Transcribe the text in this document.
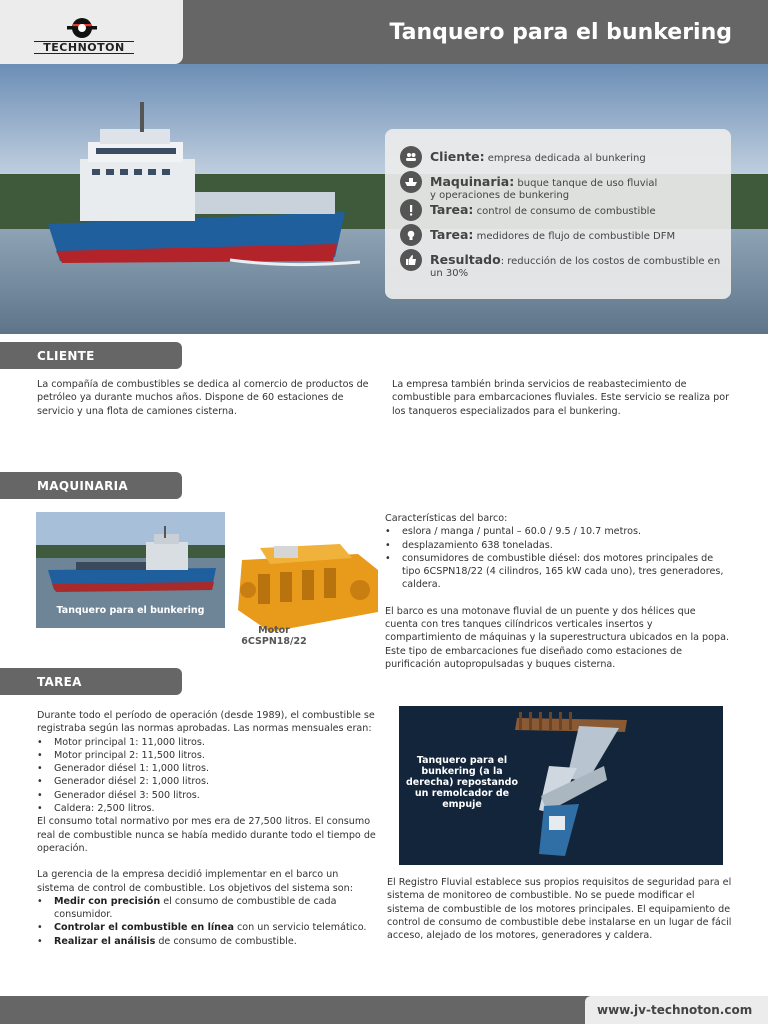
TECHNOTON
Tanquero para el bunkering
Cliente: empresa dedicada al bunkering
Maquinaria: buque tanque de uso fluvial y operaciones de bunkering
Tarea: control de consumo de combustible
Tarea: medidores de flujo de combustible DFM
Resultado: reducción de los costos de combustible en un 30%
CLIENTE
La compañía de combustibles se dedica al comercio de productos de petróleo ya durante muchos años. Dispone de 60 estaciones de servicio y una flota de camiones cisterna.
La empresa también brinda servicios de reabastecimiento de combustible para embarcaciones fluviales. Este servicio se realiza por los tanqueros especializados para el bunkering.
MAQUINARIA
Tanquero para el bunkering
Motor
6CSPN18/22
Características del barco:
• eslora / manga / puntal – 60.0 / 9.5 / 10.7 metros.
• desplazamiento 638 toneladas.
• consumidores de combustible diésel: dos motores principales de tipo 6CSPN18/22 (4 cilindros, 165 kW cada uno), tres generadores, caldera.
El barco es una motonave fluvial de un puente y dos hélices que cuenta con tres tanques cilíndricos verticales insertos y compartimiento de máquinas y la superestructura ubicados en la popa. Este tipo de embarcaciones fue diseñado como estaciones de purificación autopropulsadas y buques cisterna.
TAREA
Durante todo el período de operación (desde 1989), el combustible se registraba según las normas aprobadas. Las normas mensuales eran:
• Motor principal 1: 11,000 litros.
• Motor principal 2: 11,500 litros.
• Generador diésel 1: 1,000 litros.
• Generador diésel 2: 1,000 litros.
• Generador diésel 3: 500 litros.
• Caldera: 2,500 litros.
El consumo total normativo por mes era de 27,500 litros. El consumo real de combustible nunca se había medido durante todo el tiempo de operación.
La gerencia de la empresa decidió implementar en el barco un sistema de control de combustible. Los objetivos del sistema son:
• Medir con precisión el consumo de combustible de cada consumidor.
• Controlar el combustible en línea con un servicio telemático.
• Realizar el análisis de consumo de combustible.
Tanquero para el bunkering (a la derecha) repostando un remolcador de empuje
El Registro Fluvial establece sus propios requisitos de seguridad para el sistema de monitoreo de combustible. No se puede modificar el sistema de combustible de los motores principales. El equipamiento de control de consumo de combustible debe instalarse en un lugar de fácil acceso, alejado de los motores, generadores y caldera.
www.jv-technoton.com
